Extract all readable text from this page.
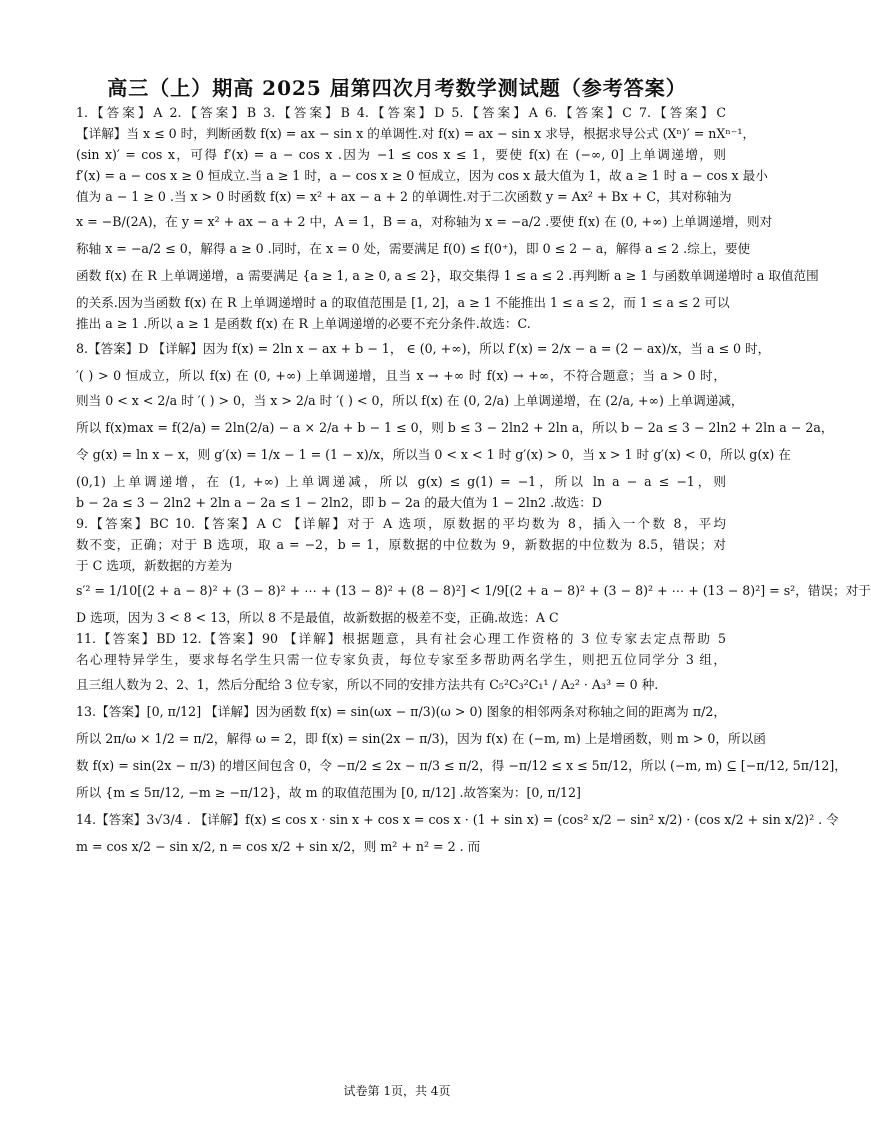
高三（上）期高 2025 届第四次月考数学测试题（参考答案）
1.【答案】A 2.【答案】B 3.【答案】B 4.【答案】D 5.【答案】A 6.【答案】C 7.【答案】C
【详解】当 x ≤ 0 时，判断函数 f(x) = ax − sin x 的单调性.对 f(x) = ax − sin x 求导，根据求导公式 (Xⁿ)′ = nXⁿ⁻¹，
(sin x)′ = cos x，可得 f′(x) = a − cos x .因为 −1 ≤ cos x ≤ 1，要使 f(x) 在 (−∞, 0] 上单调递增，则
f′(x) = a − cos x ≥ 0 恒成立.当 a ≥ 1 时，a − cos x ≥ 0 恒成立，因为 cos x 最大值为 1，故 a ≥ 1 时 a − cos x 最小
值为 a − 1 ≥ 0 .当 x > 0 时函数 f(x) = x² + ax − a + 2 的单调性.对于二次函数 y = Ax² + Bx + C，其对称轴为
x = −B/(2A)，在 y = x² + ax − a + 2 中，A = 1，B = a，对称轴为 x = −a/2 .要使 f(x) 在 (0, +∞) 上单调递增，则对
称轴 x = −a/2 ≤ 0，解得 a ≥ 0 .同时，在 x = 0 处，需要满足 f(0) ≤ f(0⁺)，即 0 ≤ 2 − a，解得 a ≤ 2 .综上，要使
函数 f(x) 在 R 上单调递增，a 需要满足 {a ≥ 1, a ≥ 0, a ≤ 2}，取交集得 1 ≤ a ≤ 2 .再判断 a ≥ 1 与函数单调递增时 a 取值范围
的关系.因为当函数 f(x) 在 R 上单调递增时 a 的取值范围是 [1, 2]，a ≥ 1 不能推出 1 ≤ a ≤ 2，而 1 ≤ a ≤ 2 可以
推出 a ≥ 1 .所以 a ≥ 1 是函数 f(x) 在 R 上单调递增的必要不充分条件.故选：C.
8.【答案】D 【详解】因为 f(x) = 2ln x − ax + b − 1， ∈ (0, +∞)，所以 f′(x) = 2/x − a = (2 − ax)/x，当 a ≤ 0 时，
′( ) > 0 恒成立，所以 f(x) 在 (0, +∞) 上单调递增，且当 x → +∞ 时 f(x) → +∞，不符合题意；当 a > 0 时，
则当 0 < x < 2/a 时 ′( ) > 0，当 x > 2/a 时 ′( ) < 0，所以 f(x) 在 (0, 2/a) 上单调递增，在 (2/a, +∞) 上单调递减，
所以 f(x)max = f(2/a) = 2ln(2/a) − a × 2/a + b − 1 ≤ 0，则 b ≤ 3 − 2ln2 + 2ln a，所以 b − 2a ≤ 3 − 2ln2 + 2ln a − 2a，
令 g(x) = ln x − x，则 g′(x) = 1/x − 1 = (1 − x)/x，所以当 0 < x < 1 时 g′(x) > 0，当 x > 1 时 g′(x) < 0，所以 g(x) 在
(0,1) 上单调递增，在 (1, +∞) 上单调递减，所以 g(x) ≤ g(1) = −1，所以 ln a − a ≤ −1，则
b − 2a ≤ 3 − 2ln2 + 2ln a − 2a ≤ 1 − 2ln2，即 b − 2a 的最大值为 1 − 2ln2 .故选：D
9.【答案】BC 10.【答案】A C 【详解】对于 A 选项，原数据的平均数为 8，插入一个数 8，平均
数不变，正确；对于 B 选项，取 a = −2，b = 1，原数据的中位数为 9，新数据的中位数为 8.5，错误；对
于 C 选项，新数据的方差为
s′² = 1/10[(2 + a − 8)² + (3 − 8)² + ⋯ + (13 − 8)² + (8 − 8)²] < 1/9[(2 + a − 8)² + (3 − 8)² + ⋯ + (13 − 8)²] = s²，错误；对于
D 选项，因为 3 < 8 < 13，所以 8 不是最值，故新数据的极差不变，正确.故选：A C
11.【答案】BD 12.【答案】90 【详解】根据题意，具有社会心理工作资格的 3 位专家去定点帮助 5
名心理特异学生，要求每名学生只需一位专家负责，每位专家至多帮助两名学生，则把五位同学分 3 组，
且三组人数为 2、2、1，然后分配给 3 位专家，所以不同的安排方法共有 C₅²C₃²C₁¹ / A₂² · A₃³ = 0 种.
13.【答案】[0, π/12] 【详解】因为函数 f(x) = sin(ωx − π/3)(ω > 0) 图象的相邻两条对称轴之间的距离为 π/2，
所以 2π/ω × 1/2 = π/2，解得 ω = 2，即 f(x) = sin(2x − π/3)，因为 f(x) 在 (−m, m) 上是增函数，则 m > 0，所以函
数 f(x) = sin(2x − π/3) 的增区间包含 0，令 −π/2 ≤ 2x − π/3 ≤ π/2，得 −π/12 ≤ x ≤ 5π/12，所以 (−m, m) ⊆ [−π/12, 5π/12]，
所以 {m ≤ 5π/12, −m ≥ −π/12}，故 m 的取值范围为 [0, π/12] .故答案为：[0, π/12]
14.【答案】3√3/4 . 【详解】f(x) ≤ cos x · sin x + cos x = cos x · (1 + sin x) = (cos² x/2 − sin² x/2) · (cos x/2 + sin x/2)² . 令
m = cos x/2 − sin x/2, n = cos x/2 + sin x/2，则 m² + n² = 2 . 而
试卷第 1页，共 4页
